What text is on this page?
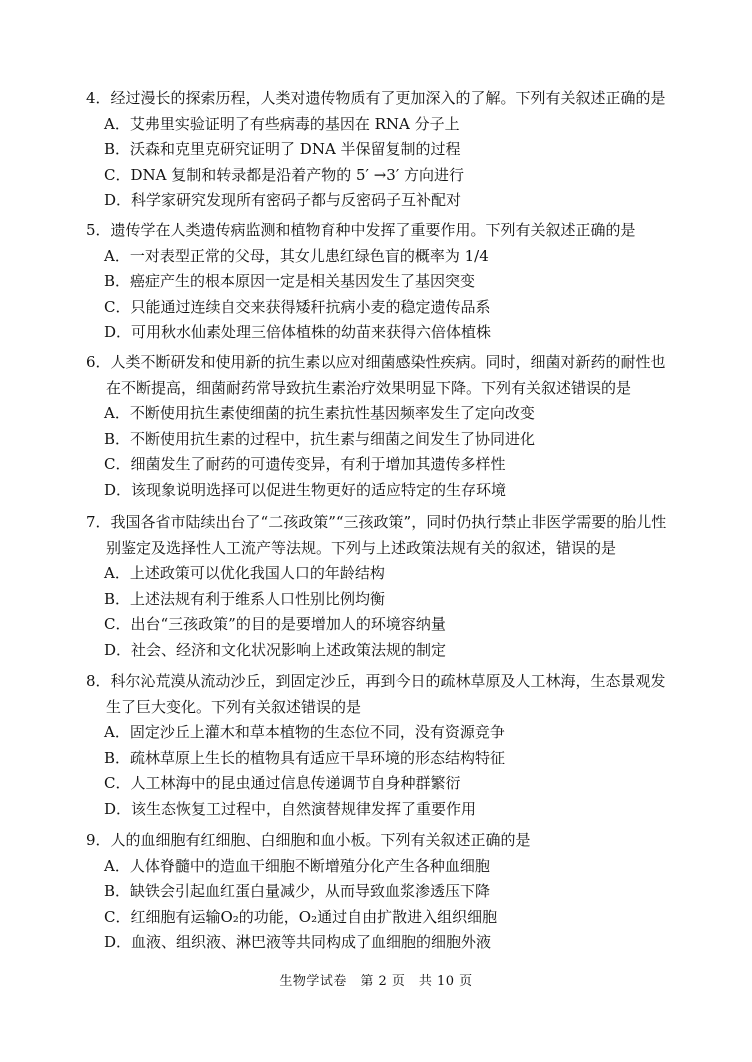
4．经过漫长的探索历程，人类对遗传物质有了更加深入的了解。下列有关叙述正确的是
A．艾弗里实验证明了有些病毒的基因在 RNA 分子上
B．沃森和克里克研究证明了 DNA 半保留复制的过程
C．DNA 复制和转录都是沿着产物的 5′ →3′ 方向进行
D．科学家研究发现所有密码子都与反密码子互补配对
5．遗传学在人类遗传病监测和植物育种中发挥了重要作用。下列有关叙述正确的是
A．一对表型正常的父母，其女儿患红绿色盲的概率为 1/4
B．癌症产生的根本原因一定是相关基因发生了基因突变
C．只能通过连续自交来获得矮秆抗病小麦的稳定遗传品系
D．可用秋水仙素处理三倍体植株的幼苗来获得六倍体植株
6．人类不断研发和使用新的抗生素以应对细菌感染性疾病。同时，细菌对新药的耐性也
在不断提高，细菌耐药常导致抗生素治疗效果明显下降。下列有关叙述错误的是
A．不断使用抗生素使细菌的抗生素抗性基因频率发生了定向改变
B．不断使用抗生素的过程中，抗生素与细菌之间发生了协同进化
C．细菌发生了耐药的可遗传变异，有利于增加其遗传多样性
D．该现象说明选择可以促进生物更好的适应特定的生存环境
7．我国各省市陆续出台了“二孩政策”“三孩政策”，同时仍执行禁止非医学需要的胎儿性
别鉴定及选择性人工流产等法规。下列与上述政策法规有关的叙述，错误的是
A．上述政策可以优化我国人口的年龄结构
B．上述法规有利于维系人口性别比例均衡
C．出台“三孩政策”的目的是要增加人的环境容纳量
D．社会、经济和文化状况影响上述政策法规的制定
8．科尔沁荒漠从流动沙丘，到固定沙丘，再到今日的疏林草原及人工林海，生态景观发
生了巨大变化。下列有关叙述错误的是
A．固定沙丘上灌木和草本植物的生态位不同，没有资源竞争
B．疏林草原上生长的植物具有适应干旱环境的形态结构特征
C．人工林海中的昆虫通过信息传递调节自身种群繁衍
D．该生态恢复工过程中，自然演替规律发挥了重要作用
9．人的血细胞有红细胞、白细胞和血小板。下列有关叙述正确的是
A．人体脊髓中的造血干细胞不断增殖分化产生各种血细胞
B．缺铁会引起血红蛋白量减少，从而导致血浆渗透压下降
C．红细胞有运输O₂的功能，O₂通过自由扩散进入组织细胞
D．血液、组织液、淋巴液等共同构成了血细胞的细胞外液
生物学试卷　第 2 页　共 10 页
